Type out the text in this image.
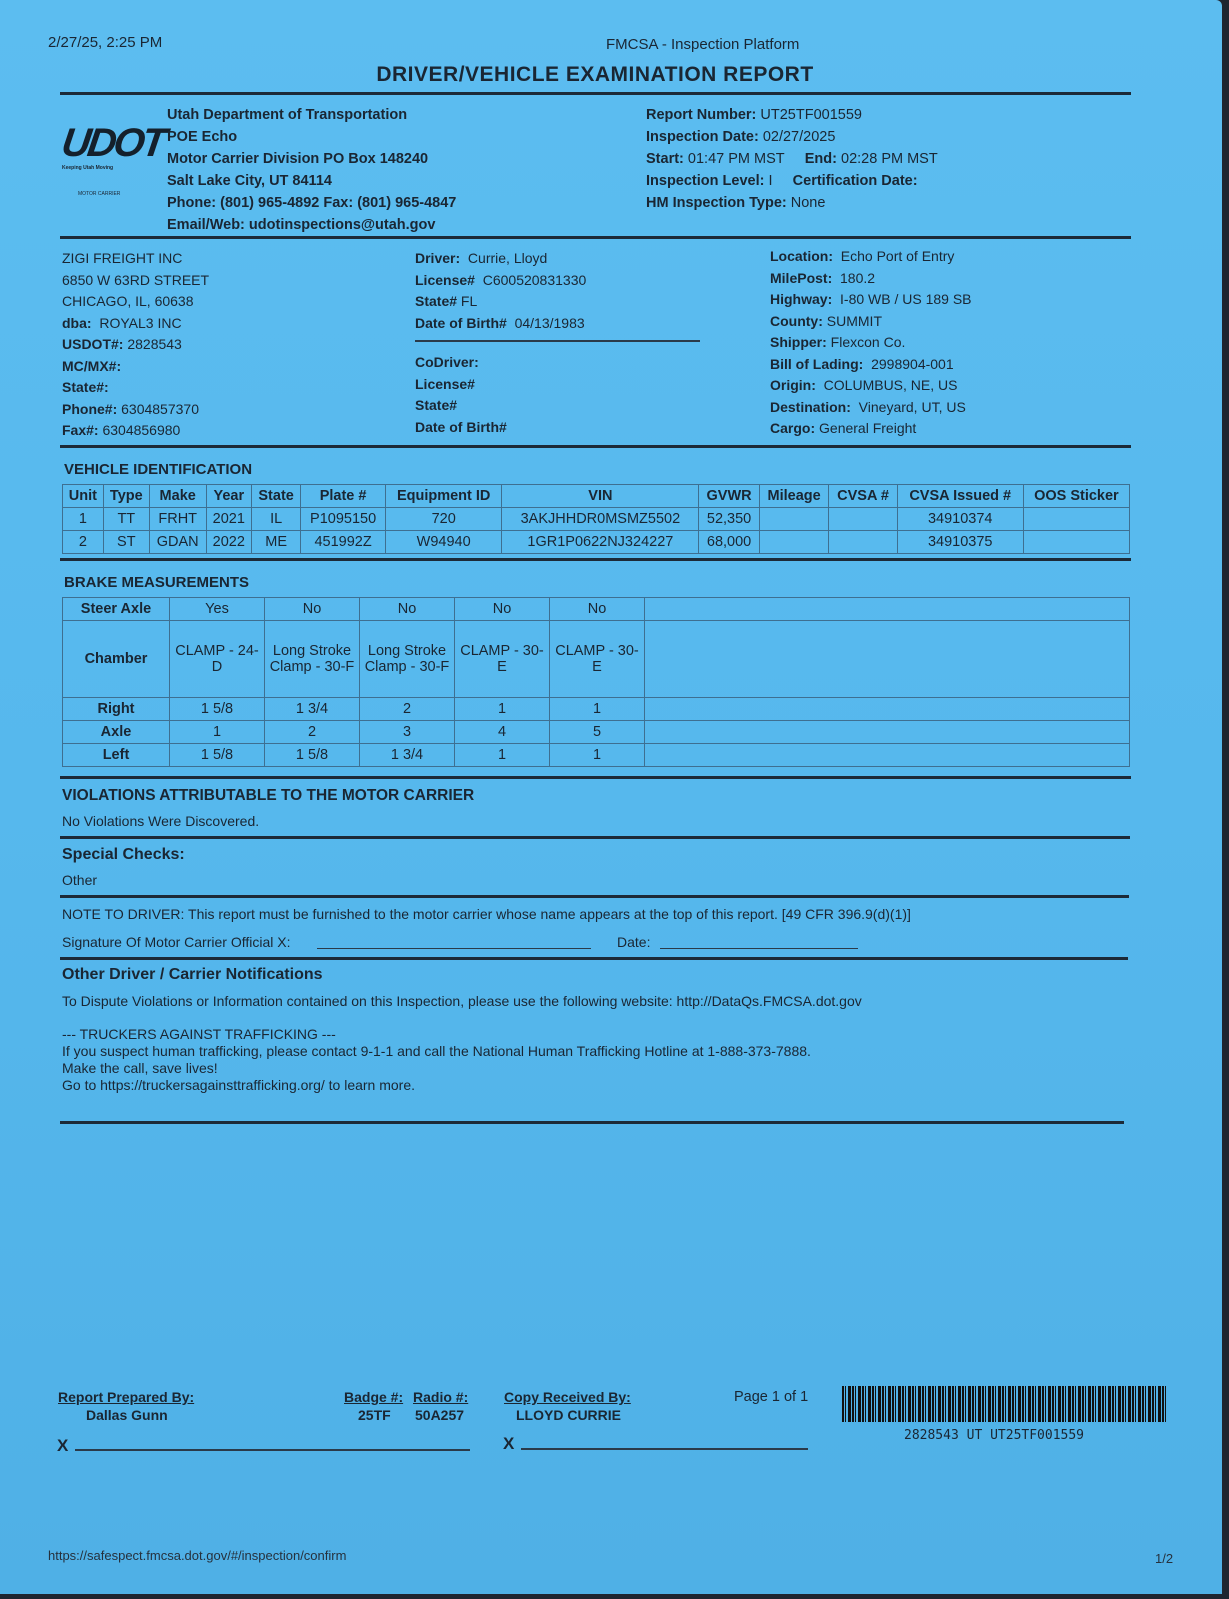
2/27/25, 2:25 PM	FMCSA - Inspection Platform
DRIVER/VEHICLE EXAMINATION REPORT
UDOT
Keeping Utah Moving
MOTOR CARRIER
Utah Department of Transportation
POE Echo
Motor Carrier Division PO Box 148240
Salt Lake City, UT 84114
Phone: (801) 965-4892 Fax: (801) 965-4847
Email/Web: udotinspections@utah.gov
Report Number: UT25TF001559
Inspection Date: 02/27/2025
Start: 01:47 PM MST End: 02:28 PM MST
Inspection Level: I Certification Date:
HM Inspection Type: None
ZIGI FREIGHT INC
6850 W 63RD STREET
CHICAGO, IL, 60638
dba: ROYAL3 INC
USDOT#: 2828543
MC/MX#:
State#:
Phone#: 6304857370
Fax#: 6304856980
Driver: Currie, Lloyd
License# C600520831330
State# FL
Date of Birth# 04/13/1983
CoDriver:
License#
State#
Date of Birth#
Location: Echo Port of Entry
MilePost: 180.2
Highway: I-80 WB / US 189 SB
County: SUMMIT
Shipper: Flexcon Co.
Bill of Lading: 2998904-001
Origin: COLUMBUS, NE, US
Destination: Vineyard, UT, US
Cargo: General Freight
VEHICLE IDENTIFICATION
Unit	Type	Make	Year	State	Plate #	Equipment ID	VIN	GVWR	Mileage	CVSA #	CVSA Issued #	OOS Sticker
1	TT	FRHT	2021	IL	P1095150	720	3AKJHHDR0MSMZ5502	52,350			34910374	
2	ST	GDAN	2022	ME	451992Z	W94940	1GR1P0622NJ324227	68,000			34910375	
BRAKE MEASUREMENTS
Steer Axle	Yes	No	No	No	No	
Chamber	CLAMP - 24-D	Long Stroke Clamp - 30-F	Long Stroke Clamp - 30-F	CLAMP - 30-E	CLAMP - 30-E	
Right	1 5/8	1 3/4	2	1	1	
Axle	1	2	3	4	5	
Left	1 5/8	1 5/8	1 3/4	1	1	
VIOLATIONS ATTRIBUTABLE TO THE MOTOR CARRIER
No Violations Were Discovered.
Special Checks:
Other
NOTE TO DRIVER: This report must be furnished to the motor carrier whose name appears at the top of this report. [49 CFR 396.9(d)(1)]
Signature Of Motor Carrier Official X:	Date:
Other Driver / Carrier Notifications
To Dispute Violations or Information contained on this Inspection, please use the following website: http://DataQs.FMCSA.dot.gov
--- TRUCKERS AGAINST TRAFFICKING ---
If you suspect human trafficking, please contact 9-1-1 and call the National Human Trafficking Hotline at 1-888-373-7888.
Make the call, save lives!
Go to https://truckersagainsttrafficking.org/ to learn more.
Report Prepared By:
Dallas Gunn
X
Badge #: Radio #:
25TF 50A257
Copy Received By:
LLOYD CURRIE
X
Page 1 of 1
2828543 UT UT25TF001559
https://safespect.fmcsa.dot.gov/#/inspection/confirm	1/2
